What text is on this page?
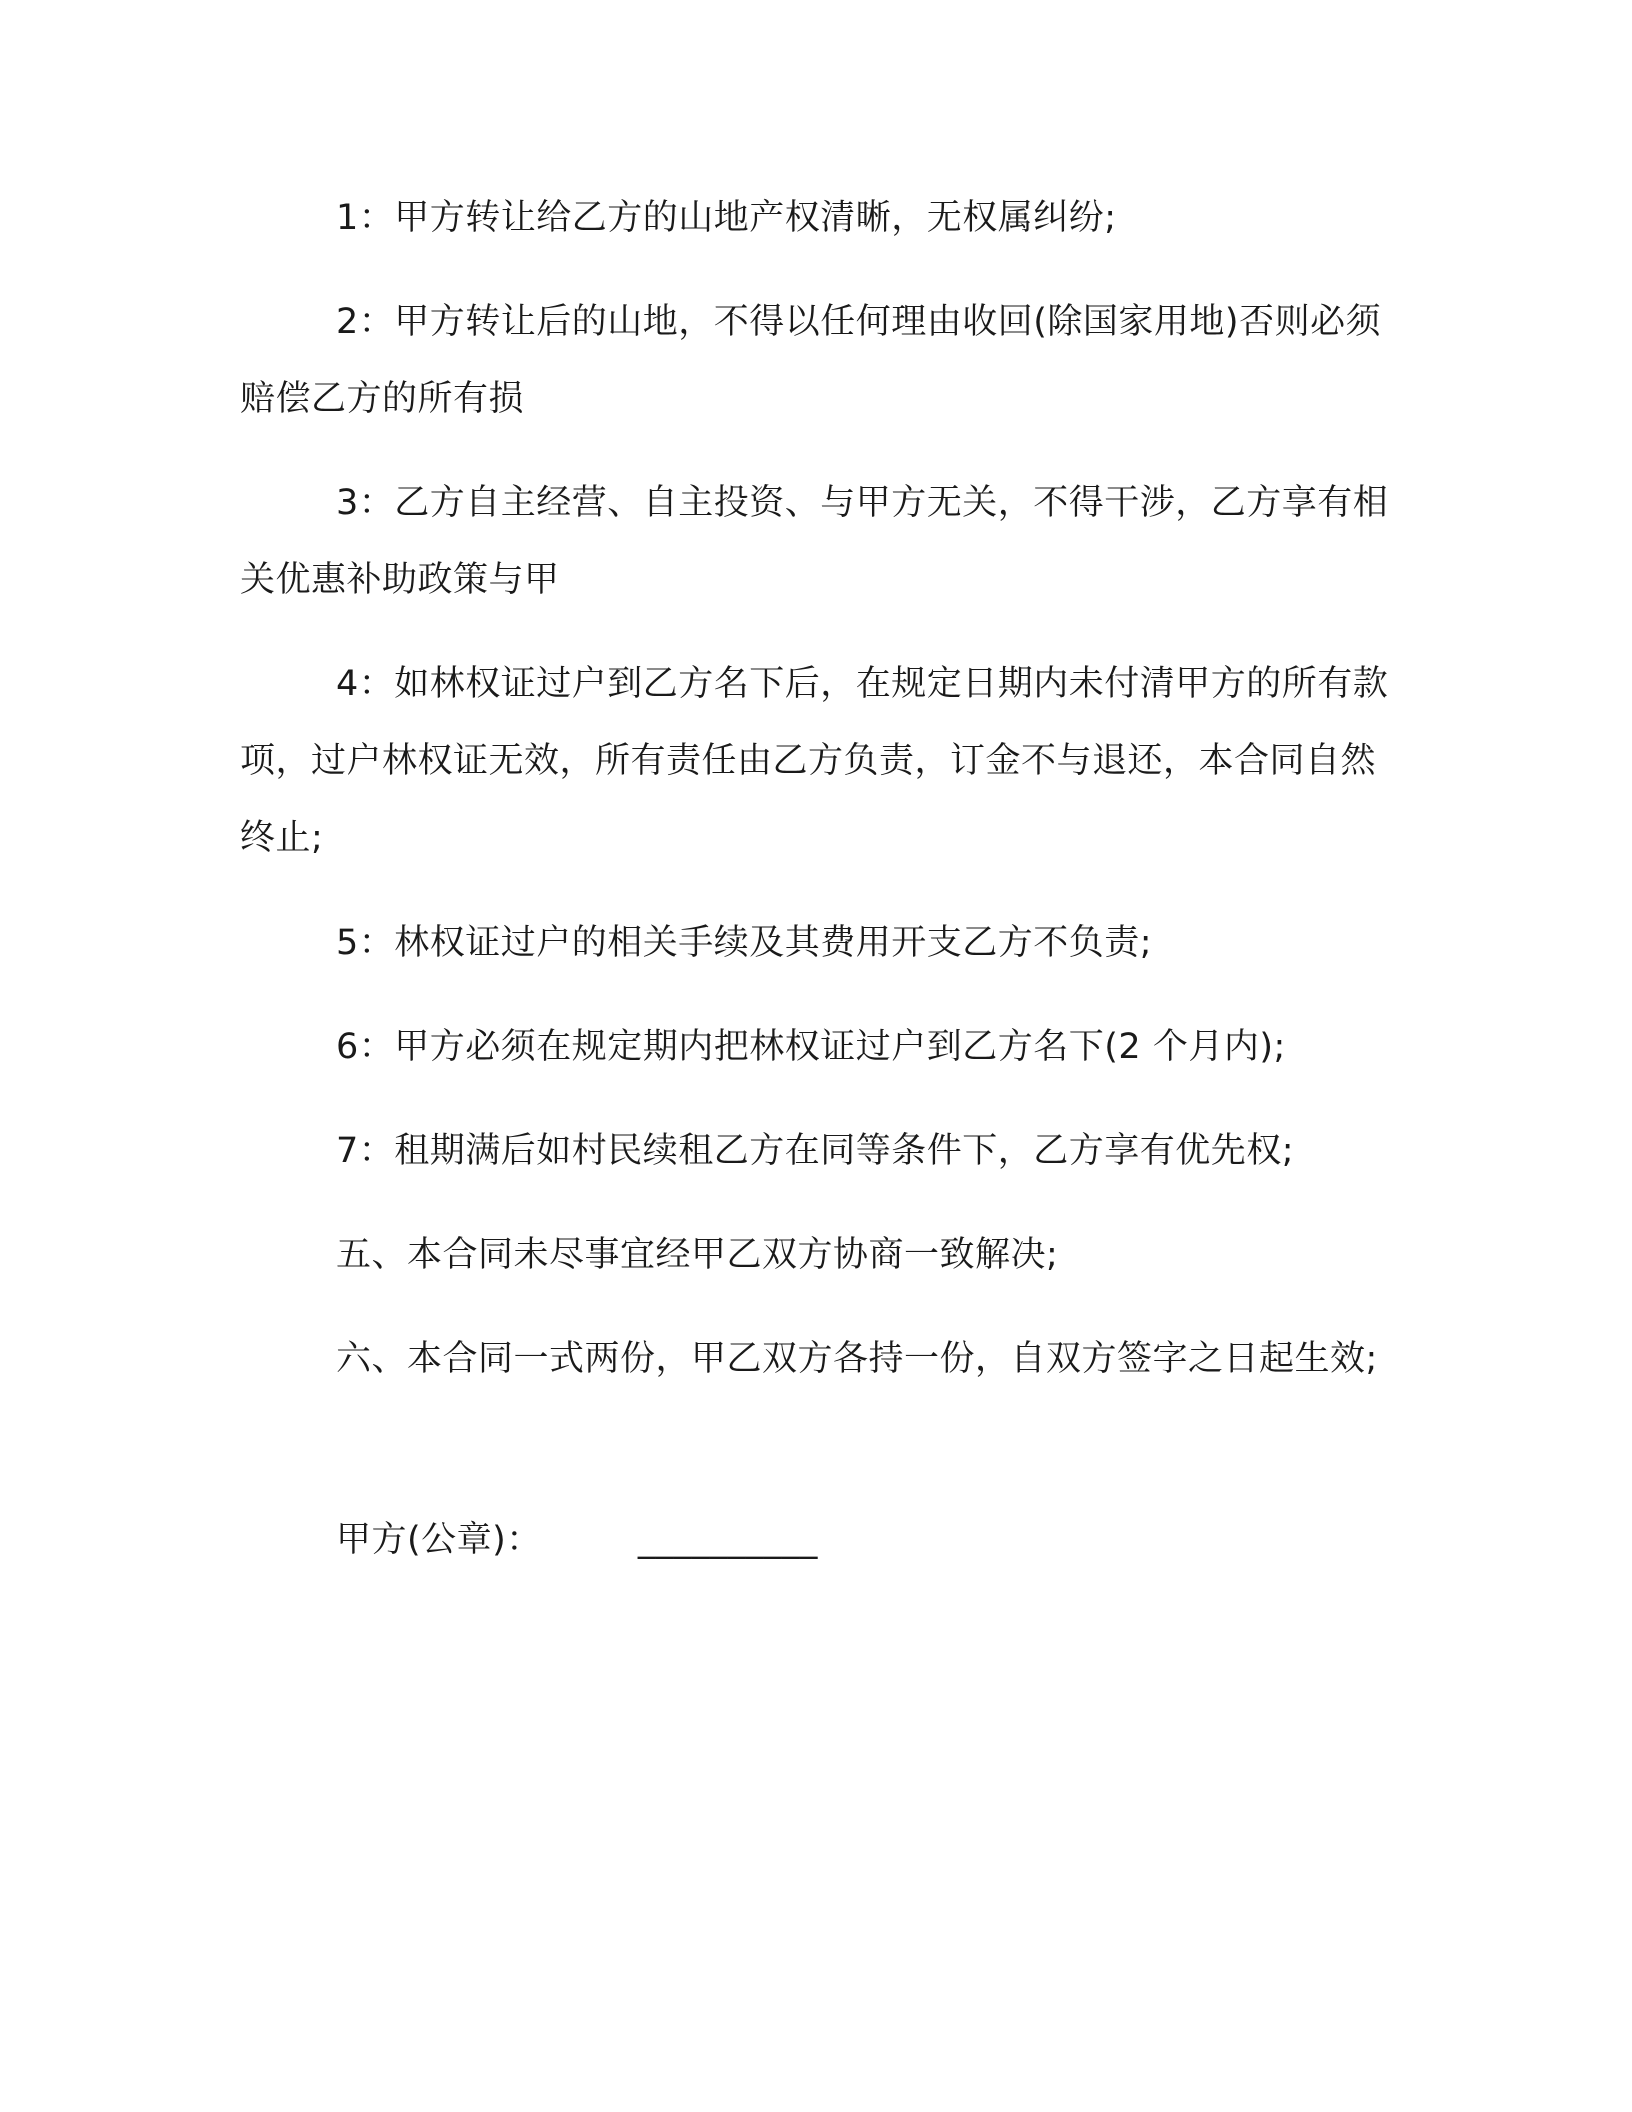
1：甲方转让给乙方的山地产权清晰，无权属纠纷;

2：甲方转让后的山地，不得以任何理由收回(除国家用地)否则必须赔偿乙方的所有损

3：乙方自主经营、自主投资、与甲方无关，不得干涉，乙方享有相关优惠补助政策与甲

4：如林权证过户到乙方名下后，在规定日期内未付清甲方的所有款项，过户林权证无效，所有责任由乙方负责，订金不与退还，本合同自然终止;

5：林权证过户的相关手续及其费用开支乙方不负责;

6：甲方必须在规定期内把林权证过户到乙方名下(2 个月内);

7：租期满后如村民续租乙方在同等条件下，乙方享有优先权;

五、本合同未尽事宜经甲乙双方协商一致解决;

六、本合同一式两份，甲乙双方各持一份，自双方签字之日起生效;

甲方(公章)：	__________
